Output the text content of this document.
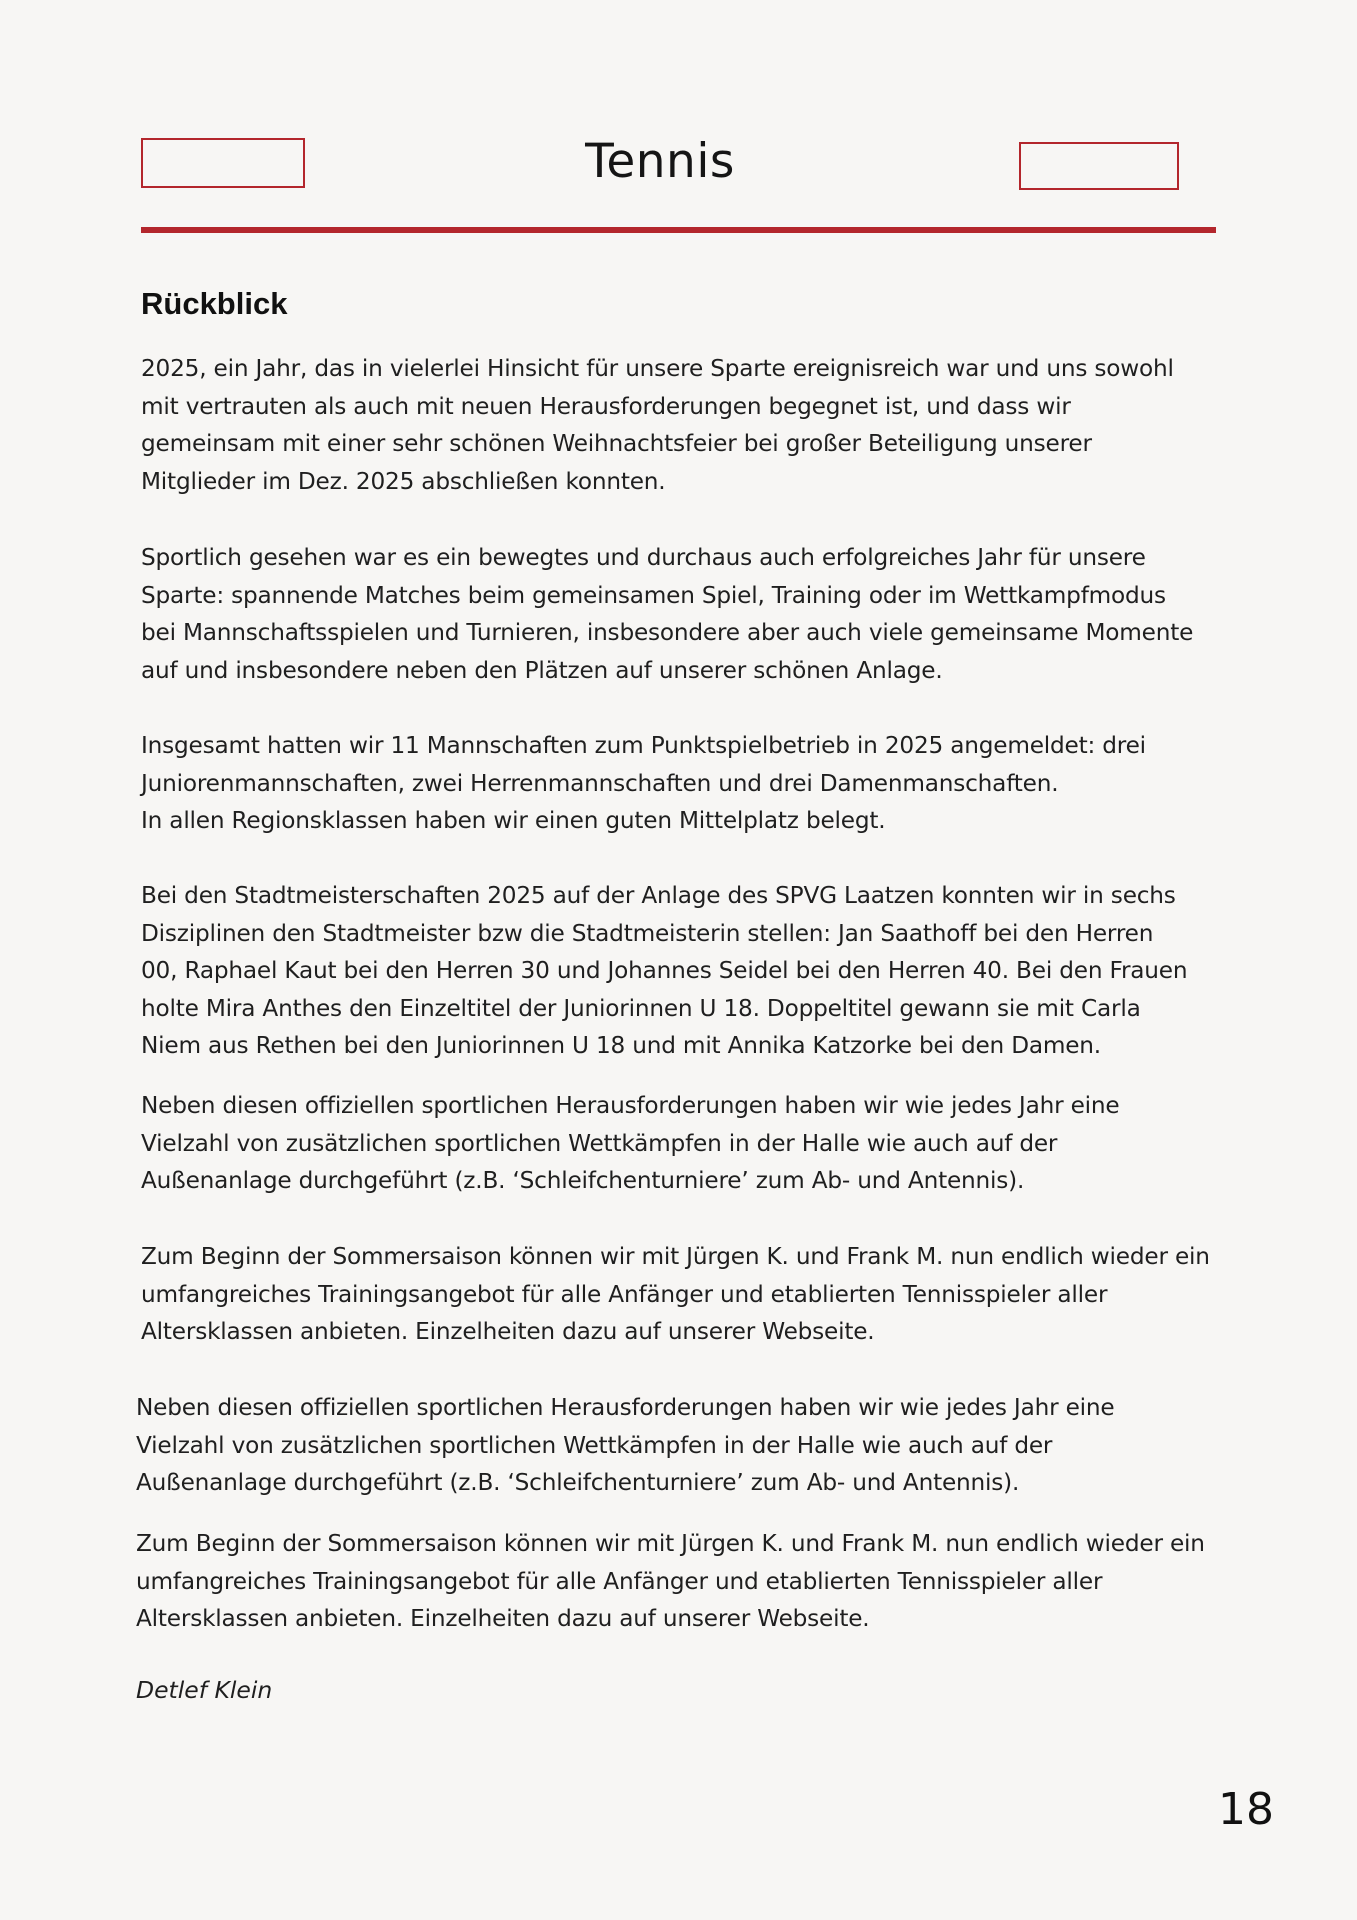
Tennis
Rückblick

2025, ein Jahr, das in vielerlei Hinsicht für unsere Sparte ereignisreich war und uns sowohl
mit vertrauten als auch mit neuen Herausforderungen begegnet ist, und dass wir
gemeinsam mit einer sehr schönen Weihnachtsfeier bei großer Beteiligung unserer
Mitglieder im Dez. 2025 abschließen konnten.

Sportlich gesehen war es ein bewegtes und durchaus auch erfolgreiches Jahr für unsere
Sparte: spannende Matches beim gemeinsamen Spiel, Training oder im Wettkampfmodus
bei Mannschaftsspielen und Turnieren, insbesondere aber auch viele gemeinsame Momente
auf und insbesondere neben den Plätzen auf unserer schönen Anlage.

Insgesamt hatten wir 11 Mannschaften zum Punktspielbetrieb in 2025 angemeldet: drei
Juniorenmannschaften, zwei Herrenmannschaften und drei Damenmanschaften.
In allen Regionsklassen haben wir einen guten Mittelplatz belegt.

Bei den Stadtmeisterschaften 2025 auf der Anlage des SPVG Laatzen konnten wir in sechs
Disziplinen den Stadtmeister bzw die Stadtmeisterin stellen: Jan Saathoff bei den Herren
00, Raphael Kaut bei den Herren 30 und Johannes Seidel bei den Herren 40. Bei den Frauen
holte Mira Anthes den Einzeltitel der Juniorinnen U 18. Doppeltitel gewann sie mit Carla
Niem aus Rethen bei den Juniorinnen U 18 und mit Annika Katzorke bei den Damen.

Neben diesen offiziellen sportlichen Herausforderungen haben wir wie jedes Jahr eine
Vielzahl von zusätzlichen sportlichen Wettkämpfen in der Halle wie auch auf der
Außenanlage durchgeführt (z.B. ‘Schleifchenturniere’ zum Ab- und Antennis).

Zum Beginn der Sommersaison können wir mit Jürgen K. und Frank M. nun endlich wieder ein
umfangreiches Trainingsangebot für alle Anfänger und etablierten Tennisspieler aller
Altersklassen anbieten. Einzelheiten dazu auf unserer Webseite.

Neben diesen offiziellen sportlichen Herausforderungen haben wir wie jedes Jahr eine
Vielzahl von zusätzlichen sportlichen Wettkämpfen in der Halle wie auch auf der
Außenanlage durchgeführt (z.B. ‘Schleifchenturniere’ zum Ab- und Antennis).

Zum Beginn der Sommersaison können wir mit Jürgen K. und Frank M. nun endlich wieder ein
umfangreiches Trainingsangebot für alle Anfänger und etablierten Tennisspieler aller
Altersklassen anbieten. Einzelheiten dazu auf unserer Webseite.

Detlef Klein
18
